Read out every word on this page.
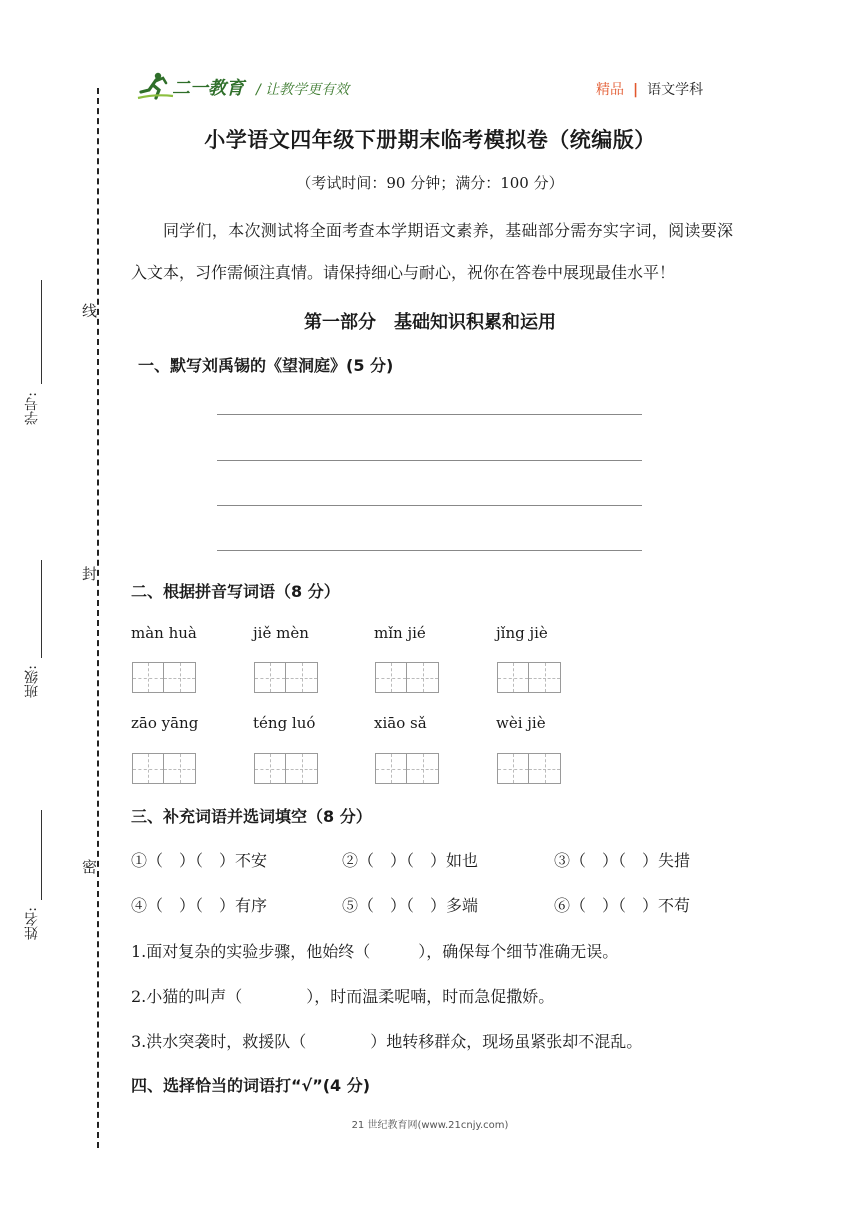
线
封
密
学号:
班级:
姓名:
二一教育 / 让教学更有效	精品 | 语文学科
小学语文四年级下册期末临考模拟卷（统编版）
（考试时间：90 分钟；满分：100 分）
同学们，本次测试将全面考查本学期语文素养，基础部分需夯实字词，阅读要深入文本，习作需倾注真情。请保持细心与耐心，祝你在答卷中展现最佳水平！
第一部分　基础知识积累和运用
一、默写刘禹锡的《望洞庭》(5 分)
二、根据拼音写词语（8 分）
màn huà	jiě mèn	mǐn jié	jǐng jiè
zāo yāng	téng luó	xiāo sǎ	wèi jiè
三、补充词语并选词填空（8 分）
①（　）（　）不安	②（　）（　）如也	③（　）（　）失措
④（　）（　）有序	⑤（　）（　）多端	⑥（　）（　）不苟
1.面对复杂的实验步骤，他始终（　　　），确保每个细节准确无误。
2.小猫的叫声（　　　　），时而温柔呢喃，时而急促撒娇。
3.洪水突袭时，救援队（　　　　）地转移群众，现场虽紧张却不混乱。
四、选择恰当的词语打“√”(4 分)
21 世纪教育网(www.21cnjy.com)
